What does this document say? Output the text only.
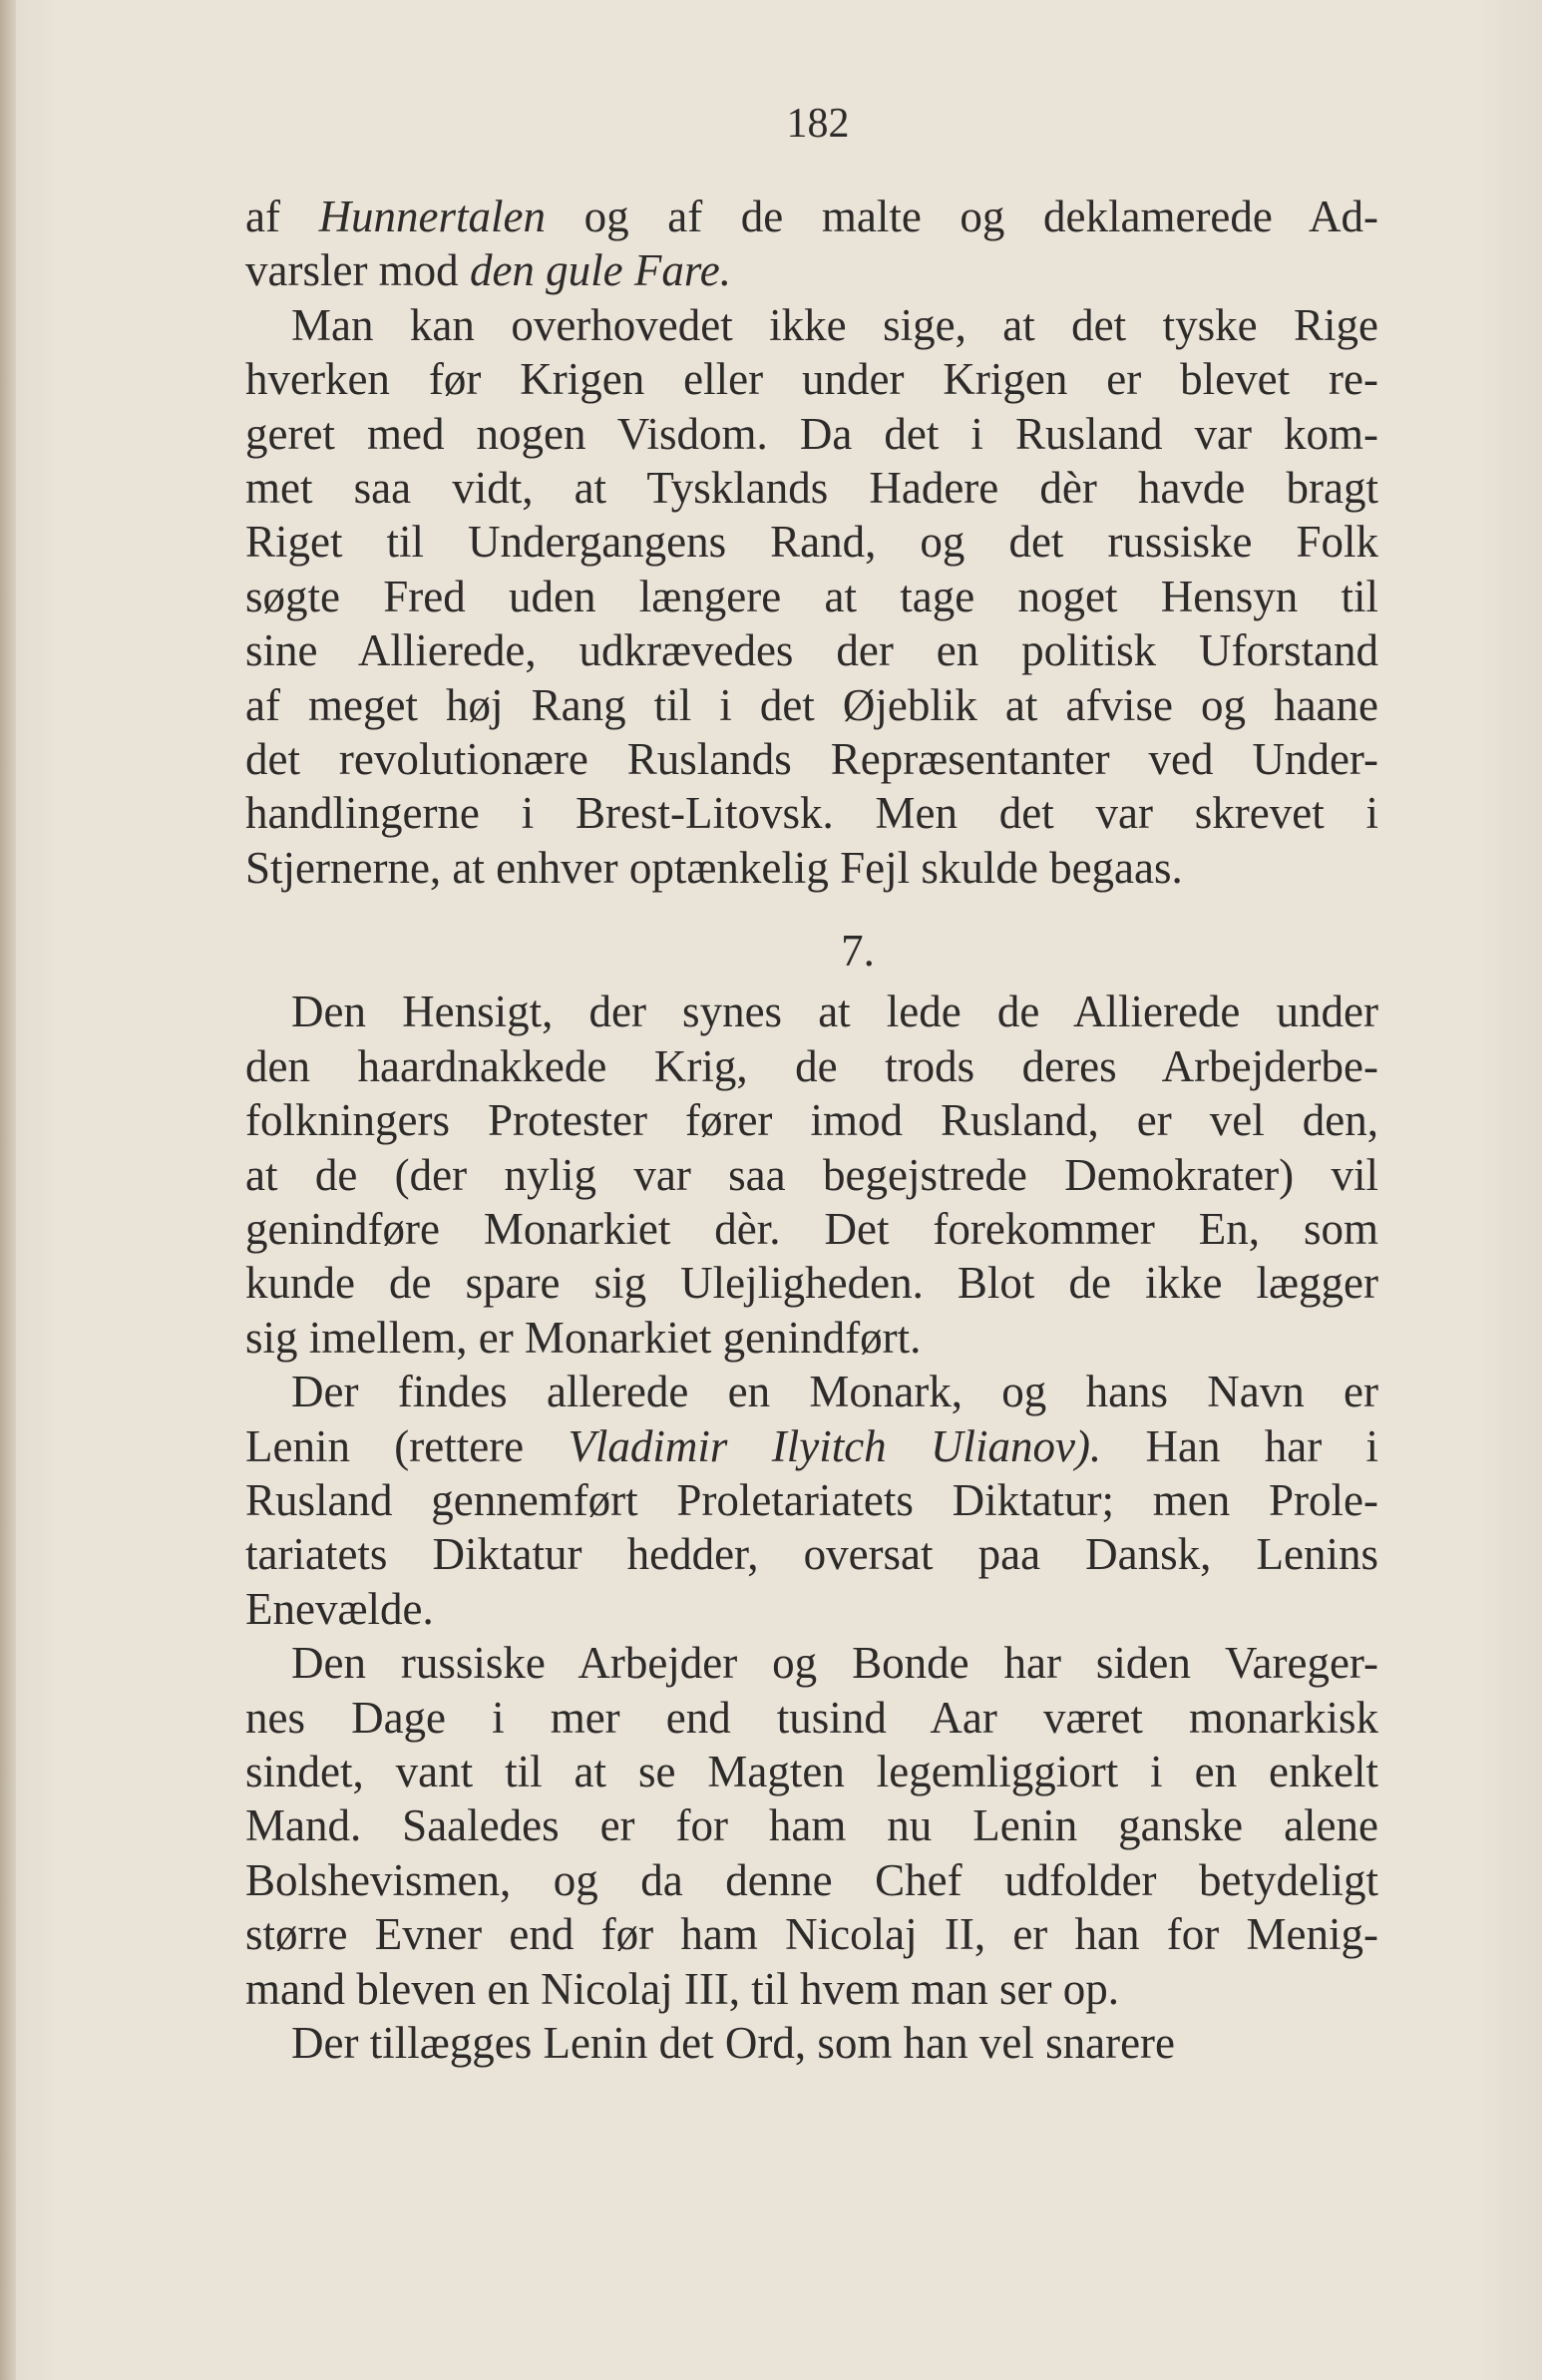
182
af Hunnertalen og af de malte og deklamerede Ad-
varsler mod den gule Fare.
Man kan overhovedet ikke sige, at det tyske Rige
hverken før Krigen eller under Krigen er blevet re-
geret med nogen Visdom. Da det i Rusland var kom-
met saa vidt, at Tysklands Hadere dèr havde bragt
Riget til Undergangens Rand, og det russiske Folk
søgte Fred uden længere at tage noget Hensyn til
sine Allierede, udkrævedes der en politisk Uforstand
af meget høj Rang til i det Øjeblik at afvise og haane
det revolutionære Ruslands Repræsentanter ved Under-
handlingerne i Brest-Litovsk. Men det var skrevet i
Stjernerne, at enhver optænkelig Fejl skulde begaas.
7.
Den Hensigt, der synes at lede de Allierede under
den haardnakkede Krig, de trods deres Arbejderbe-
folkningers Protester fører imod Rusland, er vel den,
at de (der nylig var saa begejstrede Demokrater) vil
genindføre Monarkiet dèr. Det forekommer En, som
kunde de spare sig Ulejligheden. Blot de ikke lægger
sig imellem, er Monarkiet genindført.
Der findes allerede en Monark, og hans Navn er
Lenin (rettere Vladimir Ilyitch Ulianov). Han har i
Rusland gennemført Proletariatets Diktatur; men Prole-
tariatets Diktatur hedder, oversat paa Dansk, Lenins
Enevælde.
Den russiske Arbejder og Bonde har siden Vareger-
nes Dage i mer end tusind Aar været monarkisk
sindet, vant til at se Magten legemliggiort i en enkelt
Mand. Saaledes er for ham nu Lenin ganske alene
Bolshevismen, og da denne Chef udfolder betydeligt
større Evner end før ham Nicolaj II, er han for Menig-
mand bleven en Nicolaj III, til hvem man ser op.
Der tillægges Lenin det Ord, som han vel snarere
